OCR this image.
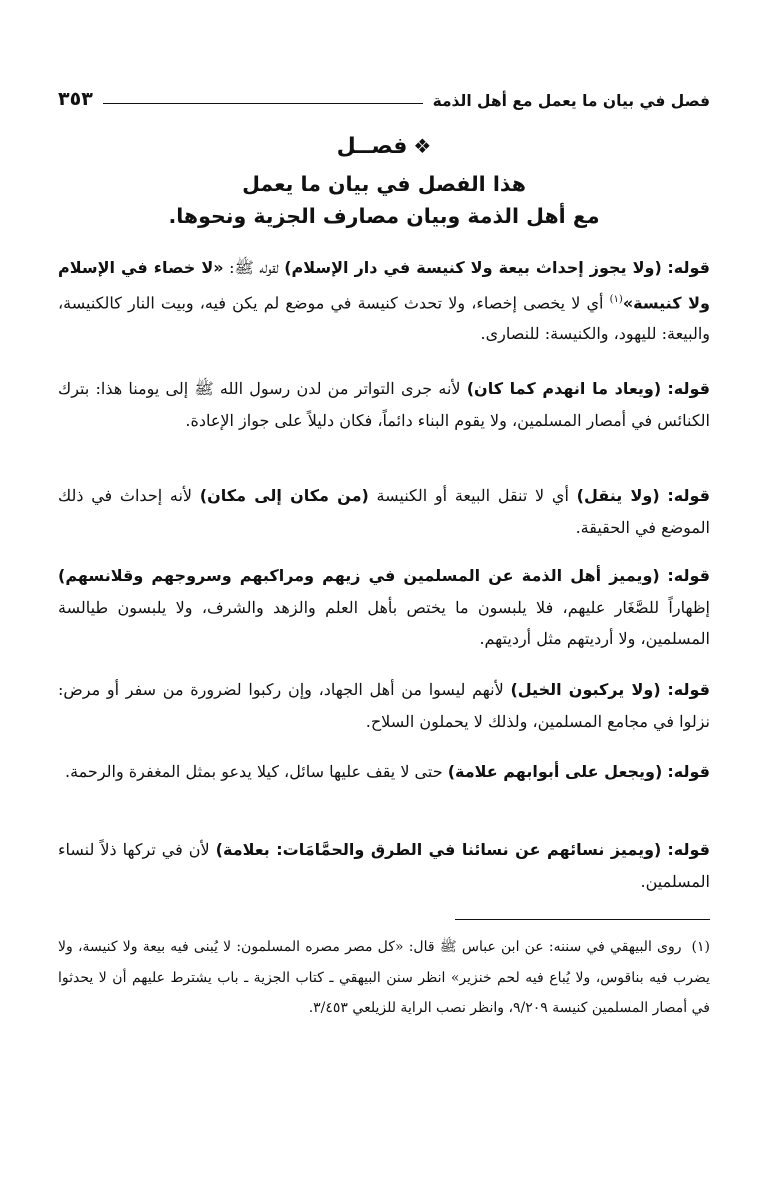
فصل في بيان ما يعمل مع أهل الذمة
٣٥٣
❖فصــل
هذا الفصل في بيان ما يعمل
مع أهل الذمة وبيان مصارف الجزية ونحوها.
قوله: (ولا يجوز إحداث بيعة ولا كنيسة في دار الإسلام) لقوله ﷺ: «لا خصاء في الإسلام ولا كنيسة»$^{(١)}$ أي لا يخصى إخصاء، ولا تحدث كنيسة في موضع لم يكن فيه، وبيت النار كالكنيسة، والبيعة: لليهود، والكنيسة: للنصارى.
قوله: (ويعاد ما انهدم كما كان) لأنه جرى التواتر من لدن رسول الله ﷺ إلى يومنا هذا: بترك الكنائس في أمصار المسلمين، ولا يقوم البناء دائماً، فكان دليلاً على جواز الإعادة.
قوله: (ولا ينقل) أي لا تنقل البيعة أو الكنيسة (من مكان إلى مكان) لأنه إحداث في ذلك الموضع في الحقيقة.
قوله: (ويميز أهل الذمة عن المسلمين في زيهم ومراكبهم وسروجهم وقلانسهم) إظهاراً للصَّغَار عليهم، فلا يلبسون ما يختص بأهل العلم والزهد والشرف، ولا يلبسون طيالسة المسلمين، ولا أرديتهم مثل أرديتهم.
قوله: (ولا يركبون الخيل) لأنهم ليسوا من أهل الجهاد، وإن ركبوا لضرورة من سفر أو مرض: نزلوا في مجامع المسلمين، ولذلك لا يحملون السلاح.
قوله: (ويجعل على أبوابهم علامة) حتى لا يقف عليها سائل، كيلا يدعو بمثل المغفرة والرحمة.
قوله: (ويميز نسائهم عن نسائنا في الطرق والحمَّامَات: بعلامة) لأن في تركها ذلاً لنساء المسلمين.
(١)روى البيهقي في سننه: عن ابن عباس ﷺ قال: «كل مصر مصره المسلمون: لا يُبنى فيه بيعة ولا كنيسة، ولا يضرب فيه بناقوس، ولا يُباع فيه لحم خنزير» انظر سنن البيهقي ـ كتاب الجزية ـ باب يشترط عليهم أن لا يحدثوا في أمصار المسلمين كنيسة ٩/٢٠٩، وانظر نصب الراية للزيلعي ٣/٤٥٣.
